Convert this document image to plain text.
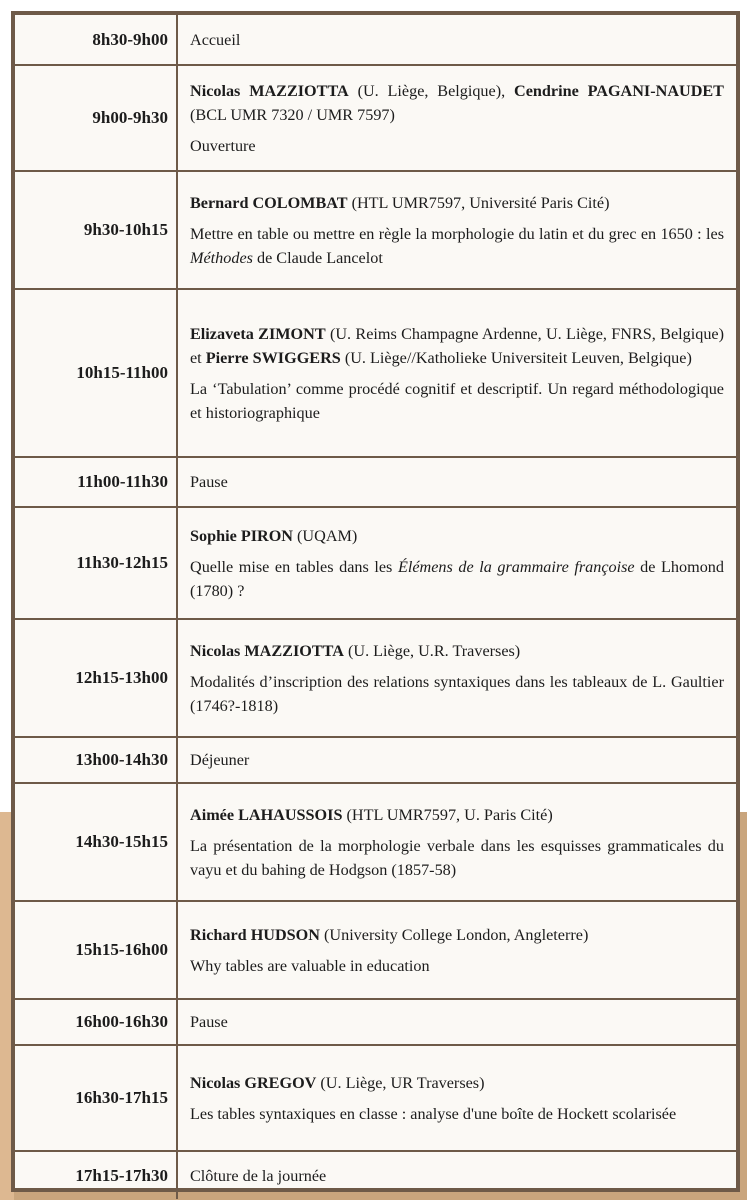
8h30-9h00	Accueil

9h00-9h30	Nicolas MAZZIOTTA (U. Liège, Belgique), Cendrine PAGANI-NAUDET (BCL UMR 7320 / UMR 7597)
Ouverture

9h30-10h15	Bernard COLOMBAT (HTL UMR7597, Université Paris Cité)
Mettre en table ou mettre en règle la morphologie du latin et du grec en 1650 : les Méthodes de Claude Lancelot

10h15-11h00	Elizaveta ZIMONT (U. Reims Champagne Ardenne, U. Liège, FNRS, Belgique) et Pierre SWIGGERS (U. Liège//Katholieke Universiteit Leuven, Belgique)
La ‘Tabulation’ comme procédé cognitif et descriptif. Un regard méthodologique et historiographique

11h00-11h30	Pause

11h30-12h15	Sophie PIRON (UQAM)
Quelle mise en tables dans les Élémens de la grammaire françoise de Lhomond (1780) ?

12h15-13h00	Nicolas MAZZIOTTA (U. Liège, U.R. Traverses)
Modalités d’inscription des relations syntaxiques dans les tableaux de L. Gaultier (1746?-1818)

13h00-14h30	Déjeuner

14h30-15h15	Aimée LAHAUSSOIS (HTL UMR7597, U. Paris Cité)
La présentation de la morphologie verbale dans les esquisses grammaticales du vayu et du bahing de Hodgson (1857-58)

15h15-16h00	Richard HUDSON (University College London, Angleterre)
Why tables are valuable in education

16h00-16h30	Pause

16h30-17h15	Nicolas GREGOV (U. Liège, UR Traverses)
Les tables syntaxiques en classe : analyse d'une boîte de Hockett scolarisée

17h15-17h30	Clôture de la journée
